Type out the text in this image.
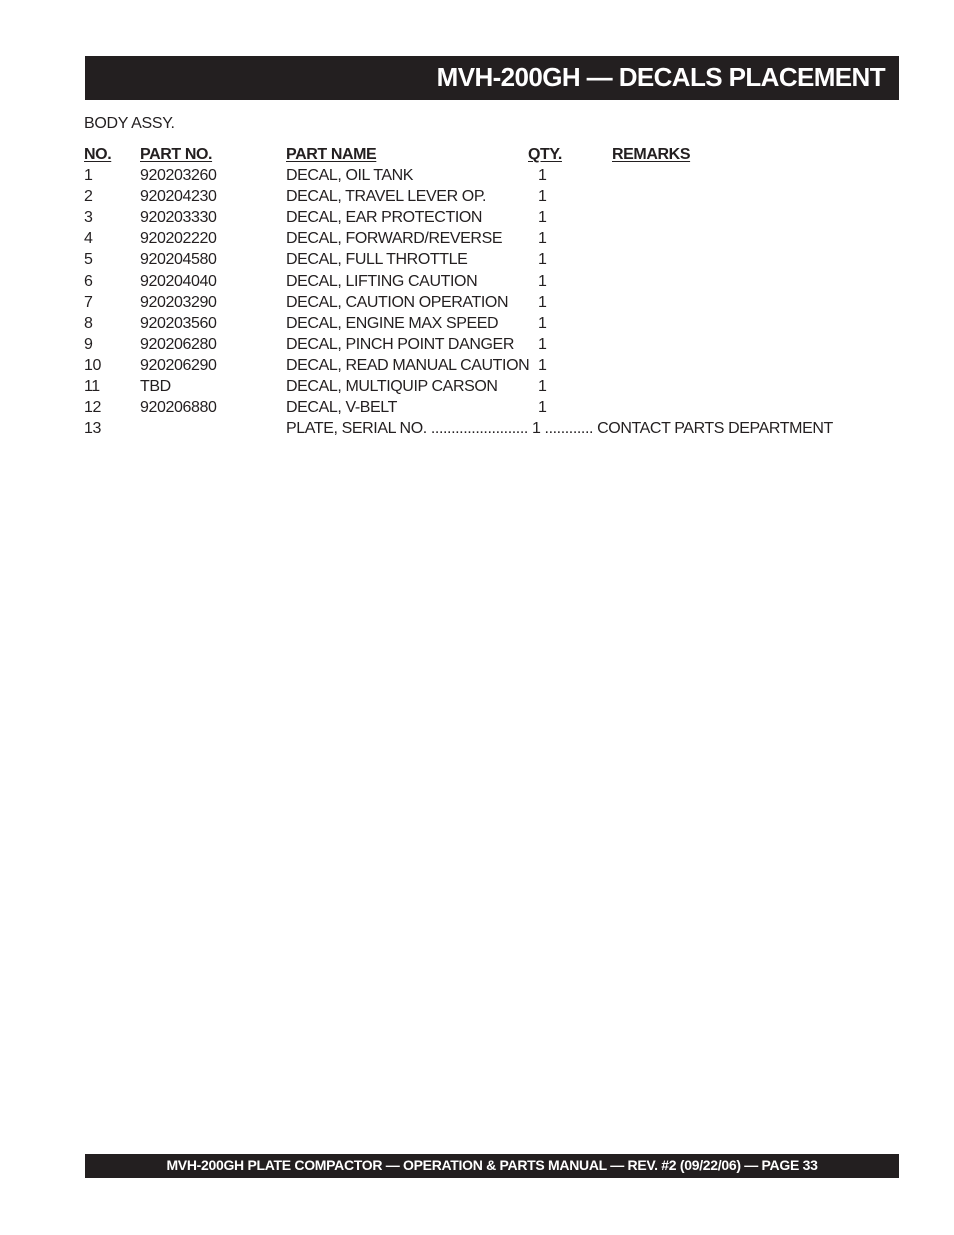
MVH-200GH — DECALS PLACEMENT
BODY ASSY.
NO. PART NO.	PART NAME	QTY.	REMARKS
1	920203260	DECAL, OIL TANK	1
2	920204230	DECAL, TRAVEL LEVER OP.	1
3	920203330	DECAL, EAR PROTECTION	1
4	920202220	DECAL, FORWARD/REVERSE 1
5	920204580	DECAL, FULL THROTTLE	1
6	920204040	DECAL, LIFTING CAUTION	1
7	920203290	DECAL, CAUTION OPERATION 1
8	920203560	DECAL, ENGINE MAX SPEED 1
9	920206280	DECAL, PINCH POINT DANGER 1
10 920206290	DECAL, READ MANUAL CAUTION 1
11	TBD	DECAL, MULTIQUIP CARSON	1
12 920206880	DECAL, V-BELT	1
13	PLATE, SERIAL NO. ........................ 1 ............ CONTACT PARTS DEPARTMENT
MVH-200GH PLATE COMPACTOR — OPERATION & PARTS MANUAL — REV. #2 (09/22/06) — PAGE 33
